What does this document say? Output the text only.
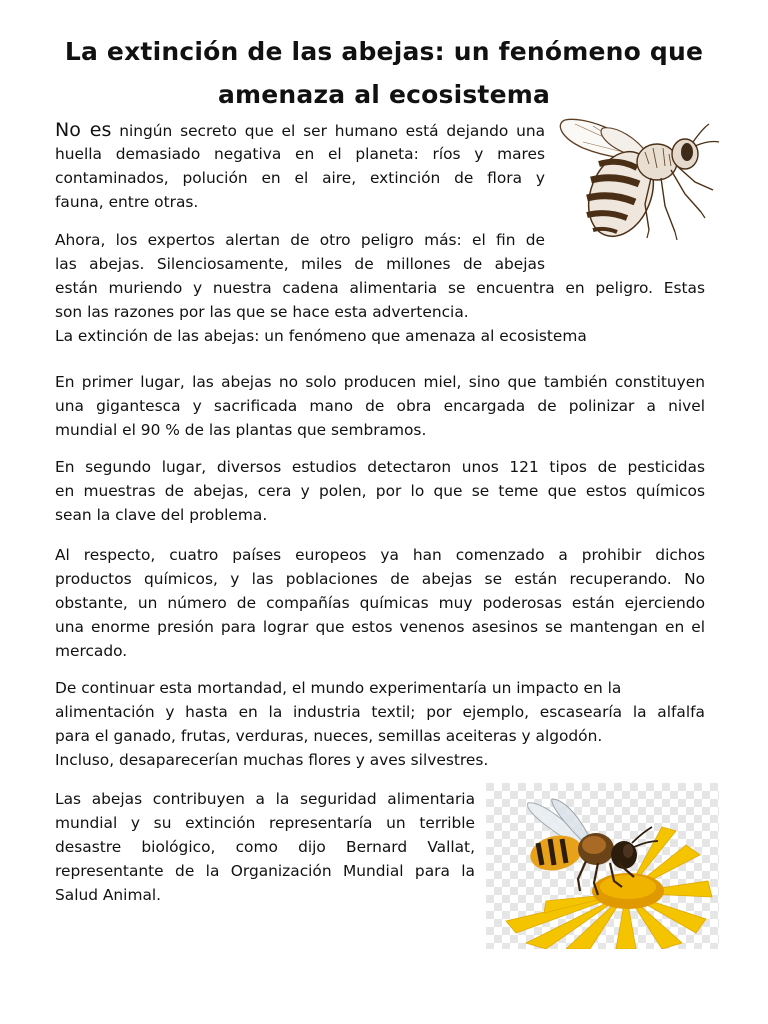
La extinción de las abejas: un fenómeno que
amenaza al ecosistema
No es ningún secreto que el ser humano está dejando una
huella demasiado negativa en el planeta: ríos y mares
contaminados, polución en el aire, extinción de flora y
fauna, entre otras.
Ahora, los expertos alertan de otro peligro más: el fin de
las abejas. Silenciosamente, miles de millones de abejas
están muriendo y nuestra cadena alimentaria se encuentra en peligro. Estas
son las razones por las que se hace esta advertencia.
La extinción de las abejas: un fenómeno que amenaza al ecosistema
En primer lugar, las abejas no solo producen miel, sino que también constituyen
una gigantesca y sacrificada mano de obra encargada de polinizar a nivel
mundial el 90 % de las plantas que sembramos.
En segundo lugar, diversos estudios detectaron unos 121 tipos de pesticidas
en muestras de abejas, cera y polen, por lo que se teme que estos químicos
sean la clave del problema.
Al respecto, cuatro países europeos ya han comenzado a prohibir dichos
productos químicos, y las poblaciones de abejas se están recuperando. No
obstante, un número de compañías químicas muy poderosas están ejerciendo
una enorme presión para lograr que estos venenos asesinos se mantengan en el
mercado.
De continuar esta mortandad, el mundo experimentaría un impacto en la
alimentación y hasta en la industria textil; por ejemplo, escasearía la alfalfa
para el ganado, frutas, verduras, nueces, semillas aceiteras y algodón.
Incluso, desaparecerían muchas flores y aves silvestres.
Las abejas contribuyen a la seguridad alimentaria
mundial y su extinción representaría un terrible
desastre biológico, como dijo Bernard Vallat,
representante de la Organización Mundial para la
Salud Animal.
